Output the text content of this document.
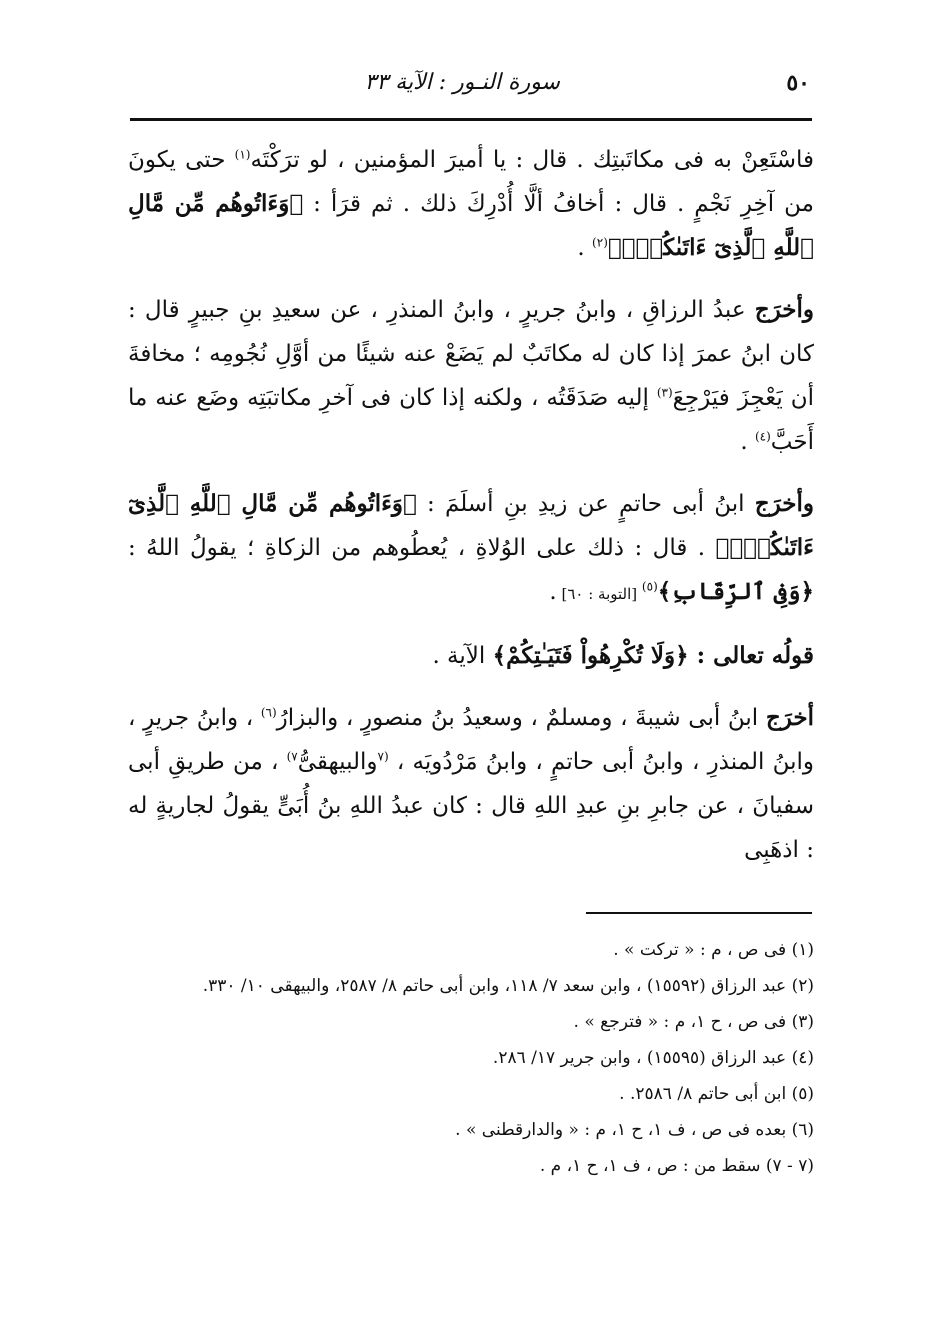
٥٠
سورة النـور : الآية ٣٣

فاسْتَعِنْ به فى مكاتَبتِك . قال : يا أميرَ المؤمنين ، لو ترَكْتَه$^{(١)}$ حتى يكونَ من آخِرِ نَجْمٍ . قال : أخافُ ألَّا أُدْرِكَ ذلك . ثم قرَأ : ﴿وَءَاتُوهُم مِّن مَّالِ ٱللَّهِ ٱلَّذِىٓ ءَاتَىٰكُمْۚ﴾$^{(٢)}$ .

وأخرَج عبدُ الرزاقِ ، وابنُ جريرٍ ، وابنُ المنذرِ ، عن سعيدِ بنِ جبيرٍ قال : كان ابنُ عمرَ إذا كان له مكاتَبٌ لم يَضَعْ عنه شيئًا من أوَّلِ نُجُومِه ؛ مخافةَ أن يَعْجِزَ فيَرْجِعَ$^{(٣)}$ إليه صَدَقَتُه ، ولكنه إذا كان فى آخرِ مكاتبَتِه وضَع عنه ما أَحَبَّ$^{(٤)}$ .

وأخرَج ابنُ أبى حاتمٍ عن زيدِ بنِ أسلَمَ : ﴿وَءَاتُوهُم مِّن مَّالِ ٱللَّهِ ٱلَّذِىٓ ءَاتَىٰكُمْۚ﴾ . قال : ذلك على الوُلاةِ ، يُعطُوهم من الزكاةِ ؛ يقولُ اللهُ : ﴿وَفِى ٱلرِّقَابِ﴾$^{(٥)}$ [التوبة : ٦٠] .

قولُه تعالى : ﴿وَلَا تُكْرِهُواْ فَتَيَـٰتِكُمْ﴾ الآية .

أخرَج ابنُ أبى شيبةَ ، ومسلمٌ ، وسعيدُ بنُ منصورٍ ، والبزارُ$^{(٦)}$ ، وابنُ جريرٍ ، وابنُ المنذرِ ، وابنُ أبى حاتمٍ ، وابنُ مَرْدُويَه ، $^{(٧}$والبيهقىُّ$^{٧)}$ ، من طريقِ أبى سفيانَ ، عن جابرِ بنِ عبدِ اللهِ قال : كان عبدُ اللهِ بنُ أُبَىٍّ يقولُ لجاريةٍ له : اذهَبِى

(١) فى ص ، م : « تركت » .
(٢) عبد الرزاق (١٥٥٩٢) ، وابن سعد ٧/ ١١٨، وابن أبى حاتم ٨/ ٢٥٨٧، والبيهقى ١٠/ ٣٣٠.
(٣) فى ص ، ح ١، م : « فترجع » .
(٤) عبد الرزاق (١٥٥٩٥) ، وابن جرير ١٧/ ٢٨٦.
(٥) ابن أبى حاتم ٨/ ٢٥٨٦. .
(٦) بعده فى ص ، ف ١، ح ١، م : « والدارقطنى » .
(٧ - ٧) سقط من : ص ، ف ١، ح ١، م .
